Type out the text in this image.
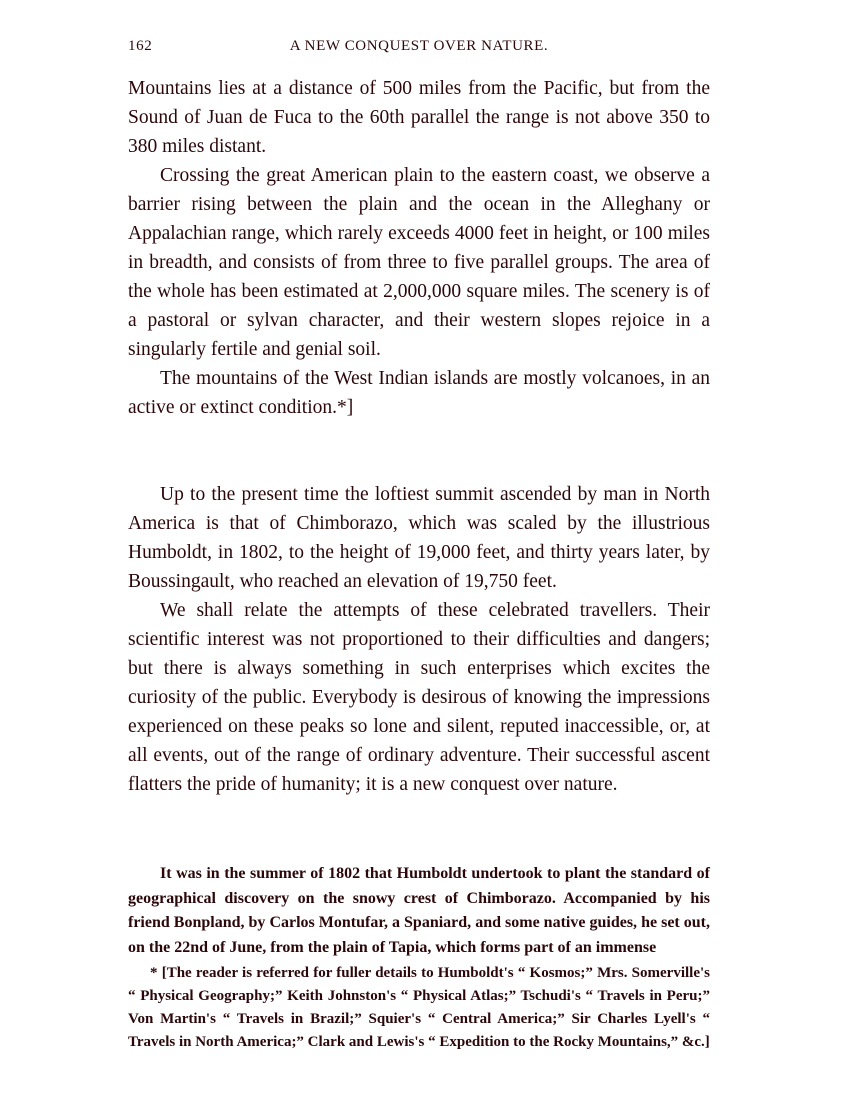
162	A NEW CONQUEST OVER NATURE.

Mountains lies at a distance of 500 miles from the Pacific, but from the Sound of Juan de Fuca to the 60th parallel the range is not above 350 to 380 miles distant.

Crossing the great American plain to the eastern coast, we observe a barrier rising between the plain and the ocean in the Alleghany or Appalachian range, which rarely exceeds 4000 feet in height, or 100 miles in breadth, and consists of from three to five parallel groups. The area of the whole has been estimated at 2,000,000 square miles. The scenery is of a pastoral or sylvan character, and their western slopes rejoice in a singularly fertile and genial soil.

The mountains of the West Indian islands are mostly volcanoes, in an active or extinct condition.*]

Up to the present time the loftiest summit ascended by man in North America is that of Chimborazo, which was scaled by the illustrious Humboldt, in 1802, to the height of 19,000 feet, and thirty years later, by Boussingault, who reached an elevation of 19,750 feet.

We shall relate the attempts of these celebrated travellers. Their scientific interest was not proportioned to their difficulties and dangers; but there is always something in such enterprises which excites the curiosity of the public. Everybody is desirous of knowing the impressions experienced on these peaks so lone and silent, reputed inaccessible, or, at all events, out of the range of ordinary adventure. Their successful ascent flatters the pride of humanity; it is a new conquest over nature.

It was in the summer of 1802 that Humboldt undertook to plant the standard of geographical discovery on the snowy crest of Chimborazo. Accompanied by his friend Bonpland, by Carlos Montufar, a Spaniard, and some native guides, he set out, on the 22nd of June, from the plain of Tapia, which forms part of an immense

* [The reader is referred for fuller details to Humboldt's “ Kosmos;” Mrs. Somerville's “ Physical Geography;” Keith Johnston's “ Physical Atlas;” Tschudi's “ Travels in Peru;” Von Martin's “ Travels in Brazil;” Squier's “ Central America;” Sir Charles Lyell's “ Travels in North America;” Clark and Lewis's “ Expedition to the Rocky Mountains,” &c.]
